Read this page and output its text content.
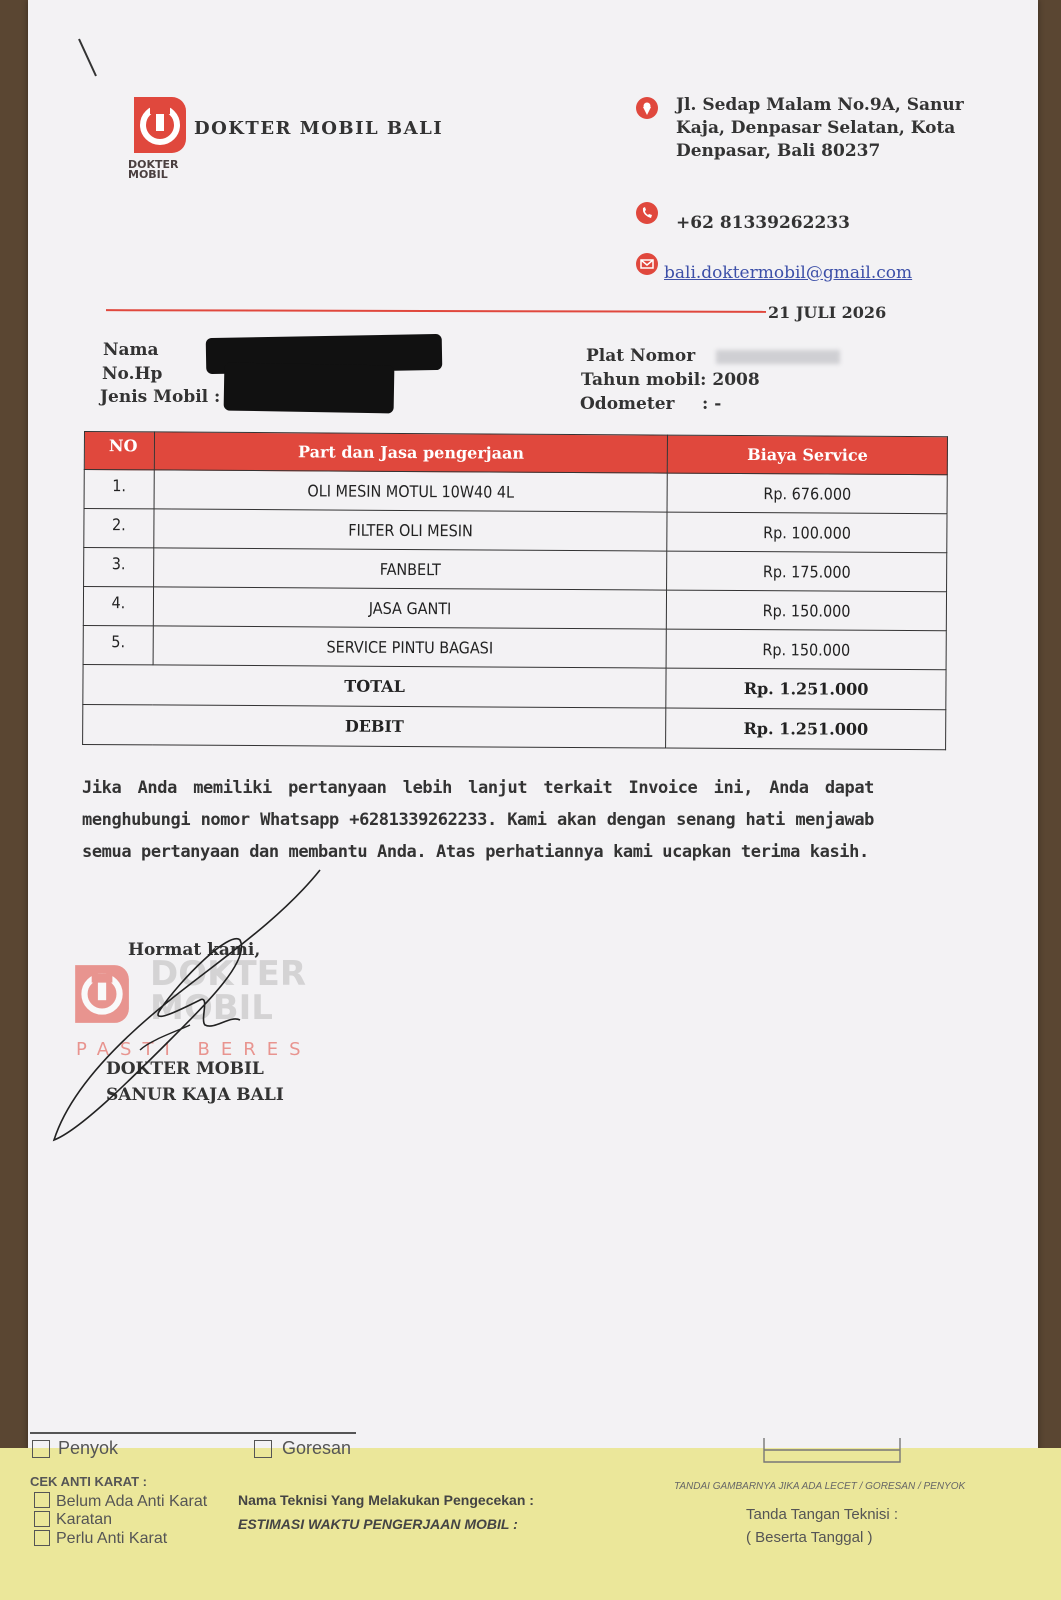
DOKTER
MOBIL
DOKTER MOBIL BALI
Jl. Sedap Malam No.9A, Sanur Kaja, Denpasar Selatan, Kota Denpasar, Bali 80237
+62 81339262233
bali.doktermobil@gmail.com
21 JULI 2026
Nama
No.Hp
Jenis Mobil :
Plat Nomor
Tahun mobil: 2008
Odometer : -
NO	Part dan Jasa pengerjaan	Biaya Service
1.	OLI MESIN MOTUL 10W40 4L	Rp. 676.000
2.	FILTER OLI MESIN	Rp. 100.000
3.	FANBELT	Rp. 175.000
4.	JASA GANTI	Rp. 150.000
5.	SERVICE PINTU BAGASI	Rp. 150.000
TOTAL		Rp. 1.251.000
DEBIT		Rp. 1.251.000
Jika Anda memiliki pertanyaan lebih lanjut terkait Invoice ini, Anda dapat menghubungi nomor Whatsapp +6281339262233. Kami akan dengan senang hati menjawab semua pertanyaan dan membantu Anda. Atas perhatiannya kami ucapkan terima kasih.
Hormat kami,
DOKTER
MOBIL
PASTI BERES
DOKTER MOBIL
SANUR KAJA BALI
Penyok	Goresan
CEK ANTI KARAT :
Belum Ada Anti Karat
Karatan
Perlu Anti Karat
Nama Teknisi Yang Melakukan Pengecekan :
ESTIMASI WAKTU PENGERJAAN MOBIL :
TANDAI GAMBARNYA JIKA ADA LECET / GORESAN / PENYOK
Tanda Tangan Teknisi :
( Beserta Tanggal )
